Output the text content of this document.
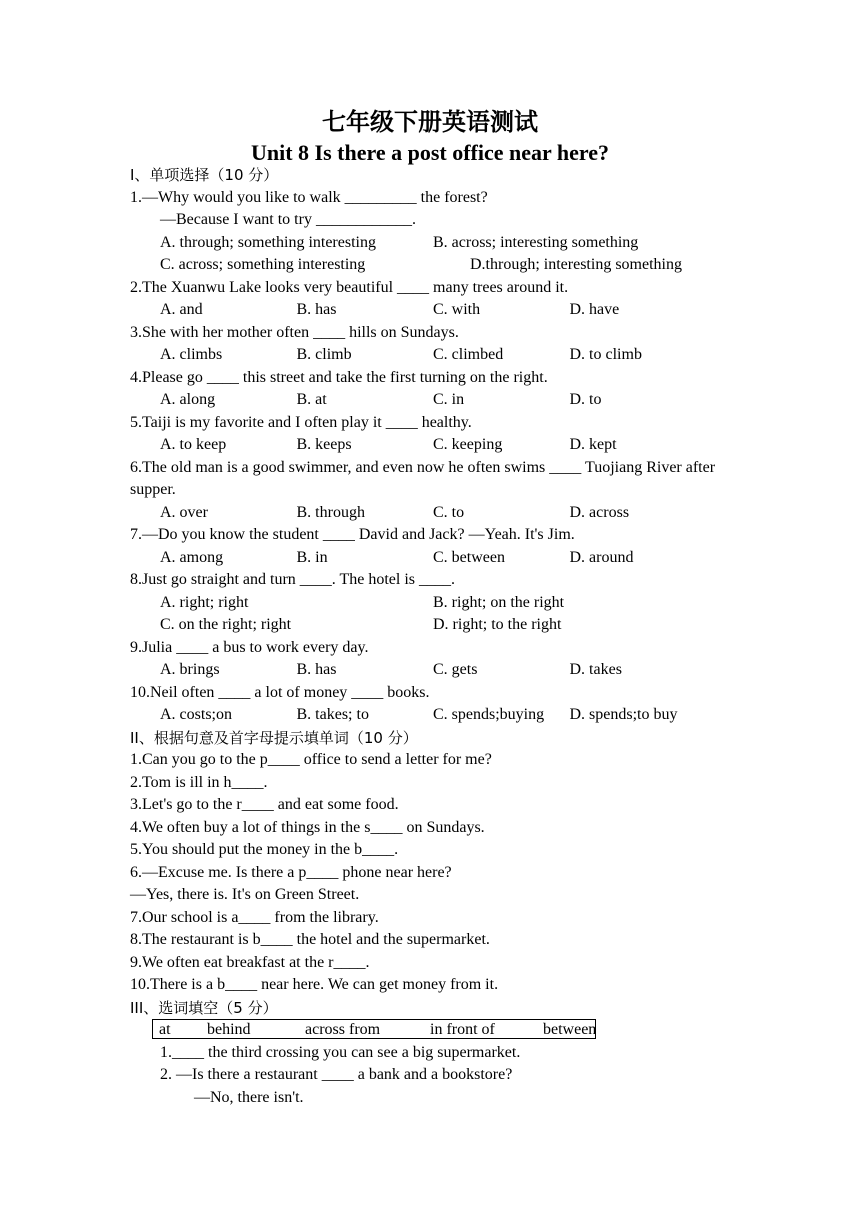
七年级下册英语测试
Unit 8 Is there a post office near here?
I、单项选择（10 分）
1.—Why would you like to walk _________ the forest?
—Because I want to try ____________.
A. through; something interesting	B. across; interesting something
C. across; something interesting	D.through; interesting something
2.The Xuanwu Lake looks very beautiful ____ many trees around it.
A. and	B. has	C. with	D. have
3.She with her mother often ____ hills on Sundays.
A. climbs	B. climb	C. climbed	D. to climb
4.Please go ____ this street and take the first turning on the right.
A. along	B. at	C. in	D. to
5.Taiji is my favorite and I often play it ____ healthy.
A. to keep	B. keeps	C. keeping	D. kept
6.The old man is a good swimmer, and even now he often swims ____ Tuojiang River after supper.
A. over	B. through	C. to	D. across
7.—Do you know the student ____ David and Jack? —Yeah. It's Jim.
A. among	B. in	C. between	D. around
8.Just go straight and turn ____. The hotel is ____.
A. right; right	B. right; on the right
C. on the right; right	D. right; to the right
9.Julia ____ a bus to work every day.
A. brings	B. has	C. gets	D. takes
10.Neil often ____ a lot of money ____ books.
A. costs;on	B. takes; to	C. spends;buying D. spends;to buy
II、根据句意及首字母提示填单词（10 分）
1.Can you go to the p____ office to send a letter for me?
2.Tom is ill in h____.
3.Let's go to the r____ and eat some food.
4.We often buy a lot of things in the s____ on Sundays.
5.You should put the money in the b____.
6.—Excuse me. Is there a p____ phone near here?
—Yes, there is. It's on Green Street.
7.Our school is a____ from the library.
8.The restaurant is b____ the hotel and the supermarket.
9.We often eat breakfast at the r____.
10.There is a b____ near here. We can get money from it.
III、选词填空（5 分）
at behind	across from	in front of	between
1.____ the third crossing you can see a big supermarket.
2. —Is there a restaurant ____ a bank and a bookstore?
—No, there isn't.
